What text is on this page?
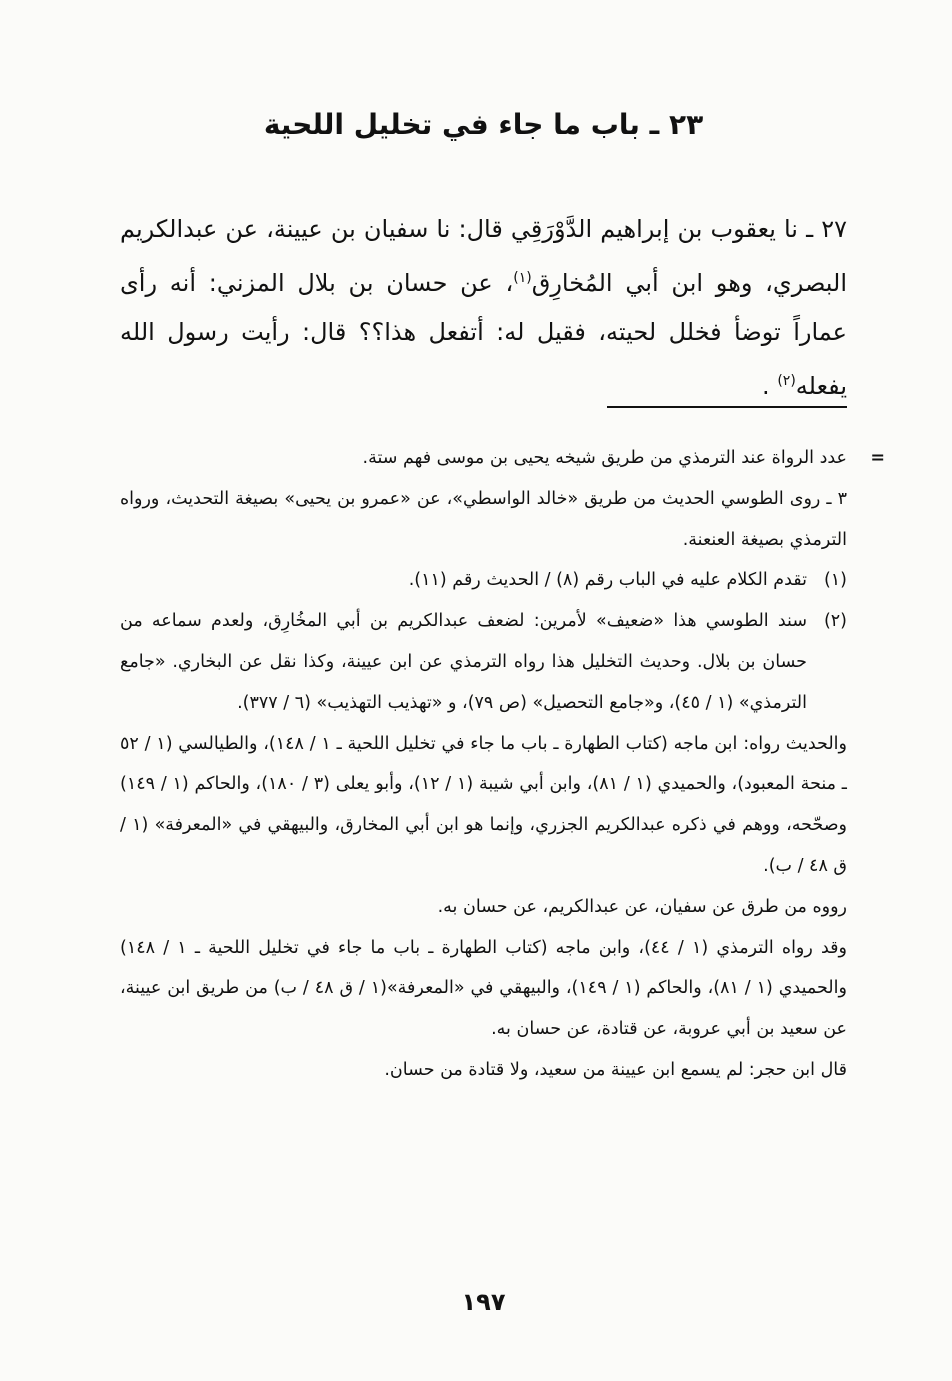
٢٣ ـ باب ما جاء في تخليل اللحية
٢٧ ـ نا يعقوب بن إبراهيم الدَّوْرَقِي قال: نا سفيان بن عيينة، عن عبدالكريم البصري، وهو ابن أبي المُخارِق$^{(١)}$، عن حسان بن بلال المزني: أنه رأى عماراً توضأ فخلل لحيته، فقيل له: أتفعل هذا؟؟ قال: رأيت رسول الله يفعله$^{(٢)}$ .

=
عدد الرواة عند الترمذي من طريق شيخه يحيى بن موسى فهم ستة.

٣ ـ روى الطوسي الحديث من طريق «خالد الواسطي»، عن «عمرو بن يحيى» بصيغة التحديث، ورواه الترمذي بصيغة العنعنة.

(١)
تقدم الكلام عليه في الباب رقم (٨) / الحديث رقم (١١).
(٢)
سند الطوسي هذا «ضعيف» لأمرين: لضعف عبدالكريم بن أبي المخُارِق، ولعدم سماعه من حسان بن بلال. وحديث التخليل هذا رواه الترمذي عن ابن عيينة، وكذا نقل عن البخاري. «جامع الترمذي» (١ / ٤٥)، و«جامع التحصيل» (ص ٧٩)، و «تهذيب التهذيب» (٦ / ٣٧٧).

والحديث رواه: ابن ماجه (كتاب الطهارة ـ باب ما جاء في تخليل اللحية ـ ١ / ١٤٨)، والطيالسي (١ / ٥٢ ـ منحة المعبود)، والحميدي (١ / ٨١)، وابن أبي شيبة (١ / ١٢)، وأبو يعلى (٣ / ١٨٠)، والحاكم (١ / ١٤٩) وصحّحه، ووهم في ذكره عبدالكريم الجزري، وإنما هو ابن أبي المخارق، والبيهقي في «المعرفة» (١ / ق ٤٨ / ب).

رووه من طرق عن سفيان، عن عبدالكريم، عن حسان به.

وقد رواه الترمذي (١ / ٤٤)، وابن ماجه (كتاب الطهارة ـ باب ما جاء في تخليل اللحية ـ ١ / ١٤٨) والحميدي (١ / ٨١)، والحاكم (١ / ١٤٩)، والبيهقي في «المعرفة»(١ / ق ٤٨ / ب) من طريق ابن عيينة، عن سعيد بن أبي عروبة، عن قتادة، عن حسان به.

قال ابن حجر: لم يسمع ابن عيينة من سعيد، ولا قتادة من حسان.

١٩٧
